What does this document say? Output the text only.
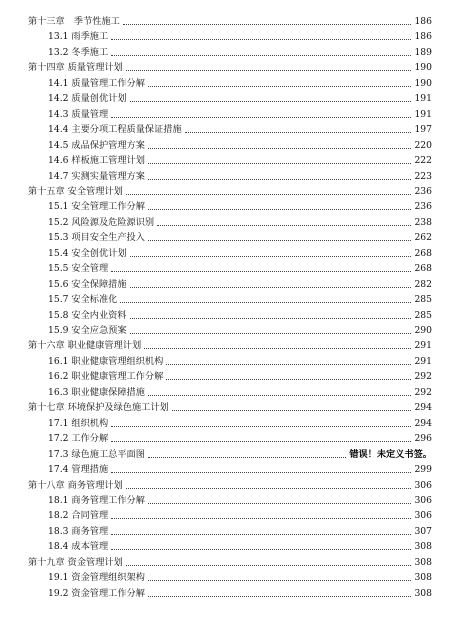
第十三章　季节性施工	186
13.1 雨季施工	186
13.2 冬季施工	189
第十四章 质量管理计划	190
14.1 质量管理工作分解	190
14.2 质量创优计划	191
14.3 质量管理	191
14.4 主要分项工程质量保证措施	197
14.5 成品保护管理方案	220
14.6 样板施工管理计划	222
14.7 实测实量管理方案	223
第十五章 安全管理计划	236
15.1 安全管理工作分解	236
15.2 风险源及危险源识别	238
15.3 项目安全生产投入	262
15.4 安全创优计划	268
15.5 安全管理	268
15.6 安全保障措施	282
15.7 安全标准化	285
15.8 安全内业资料	285
15.9 安全应急预案	290
第十六章 职业健康管理计划	291
16.1 职业健康管理组织机构	291
16.2 职业健康管理工作分解	292
16.3 职业健康保障措施	292
第十七章 环境保护及绿色施工计划	294
17.1 组织机构	294
17.2 工作分解	296
17.3 绿色施工总平面图	错误！未定义书签。
17.4 管理措施	299
第十八章 商务管理计划	306
18.1 商务管理工作分解	306
18.2 合同管理	306
18.3 商务管理	307
18.4 成本管理	308
第十九章 资金管理计划	308
19.1 资金管理组织架构	308
19.2 资金管理工作分解	308
